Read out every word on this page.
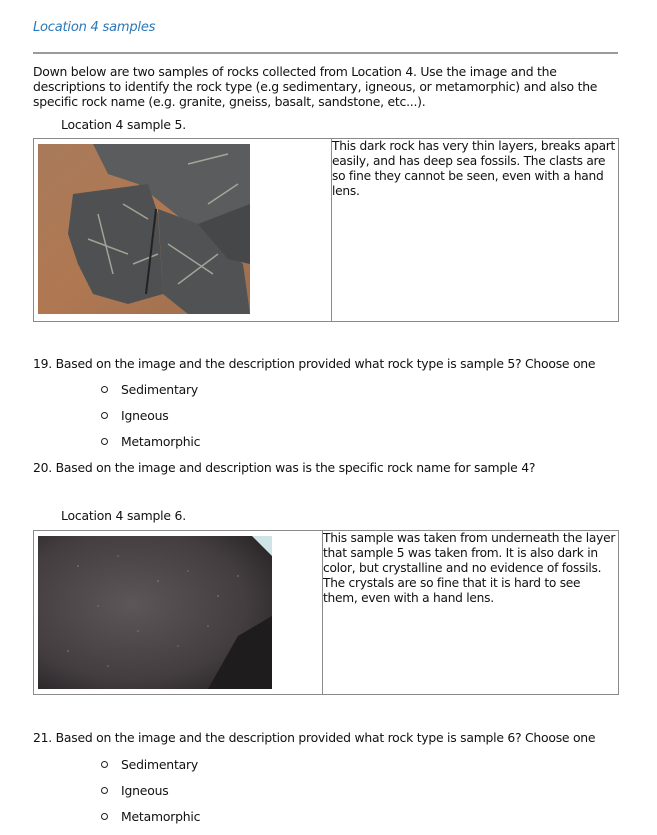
Location 4 samples
Down below are two samples of rocks collected from Location 4. Use the image and the descriptions to identify the rock type (e.g sedimentary, igneous, or metamorphic) and also the specific rock name (e.g. granite, gneiss, basalt, sandstone, etc...).
Location 4 sample 5.
	This dark rock has very thin layers, breaks apart easily, and has deep sea fossils. The clasts are so fine they cannot be seen, even with a hand lens.
19. Based on the image and the description provided what rock type is sample 5? Choose one
Sedimentary
Igneous
Metamorphic
20. Based on the image and description was is the specific rock name for sample 4?
Location 4 sample 6.
	This sample was taken from underneath the layer that sample 5 was taken from. It is also dark in color, but crystalline and no evidence of fossils. The crystals are so fine that it is hard to see them, even with a hand lens.
21. Based on the image and the description provided what rock type is sample 6? Choose one
Sedimentary
Igneous
Metamorphic
